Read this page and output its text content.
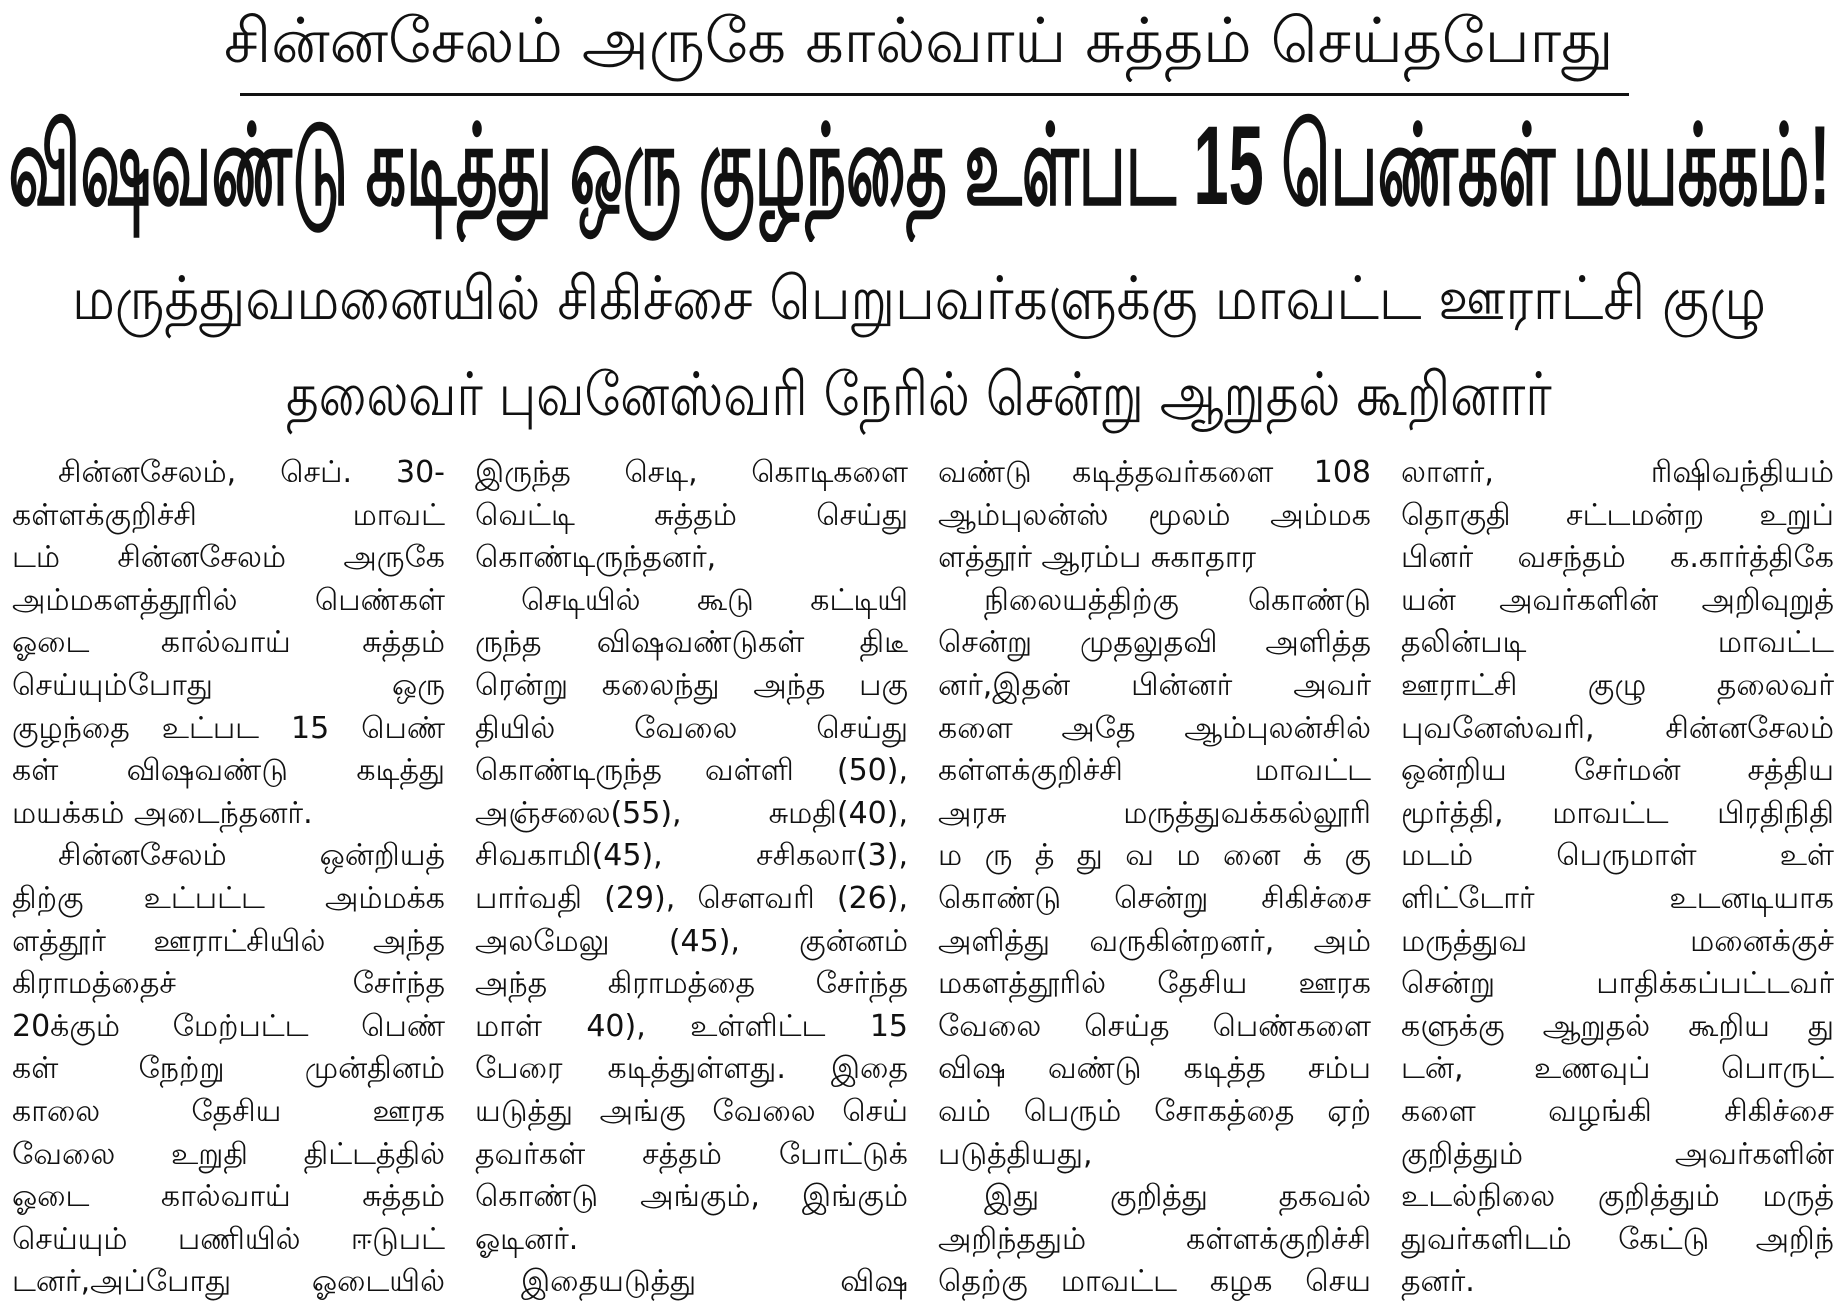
சின்னசேலம் அருகே கால்வாய் சுத்தம் செய்தபோது
விஷவண்டு கடித்து ஒரு குழந்தை உள்பட 15 பெண்கள் மயக்கம்!
மருத்துவமனையில் சிகிச்சை பெறுபவர்களுக்கு மாவட்ட ஊராட்சி குழு
தலைவர் புவனேஸ்வரி நேரில் சென்று ஆறுதல் கூறினார்
சின்னசேலம், செப். 30-
கள்ளக்குறிச்சி மாவட்
டம் சின்னசேலம் அருகே
அம்மகளத்தூரில் பெண்கள்
ஓடை கால்வாய் சுத்தம்
செய்யும்போது ஒரு
குழந்தை உட்பட 15 பெண்
கள் விஷவண்டு கடித்து
மயக்கம் அடைந்தனர்.
சின்னசேலம் ஒன்றியத்
திற்கு உட்பட்ட அம்மக்க
ளத்தூர் ஊராட்சியில் அந்த
கிராமத்தைச் சேர்ந்த
20க்கும் மேற்பட்ட பெண்
கள் நேற்று முன்தினம்
காலை தேசிய ஊரக
வேலை உறுதி திட்டத்தில்
ஓடை கால்வாய் சுத்தம்
செய்யும் பணியில் ஈடுபட்
டனர்,அப்போது ஓடையில்
இருந்த செடி, கொடிகளை
வெட்டி சுத்தம் செய்து
கொண்டிருந்தனர்,
செடியில் கூடு கட்டியி
ருந்த விஷவண்டுகள் திடீ
ரென்று கலைந்து அந்த பகு
தியில் வேலை செய்து
கொண்டிருந்த வள்ளி (50),
அஞ்சலை(55), சுமதி(40),
சிவகாமி(45), சசிகலா(3),
பார்வதி (29), சௌவரி (26),
அலமேலு (45), குன்னம்
அந்த கிராமத்தை சேர்ந்த
மாள் 40), உள்ளிட்ட 15
பேரை கடித்துள்ளது. இதை
யடுத்து அங்கு வேலை செய்
தவர்கள் சத்தம் போட்டுக்
கொண்டு அங்கும், இங்கும்
ஓடினர்.
இதையடுத்து விஷ
வண்டு கடித்தவர்களை 108
ஆம்புலன்ஸ் மூலம் அம்மக
ளத்தூர் ஆரம்ப சுகாதார
நிலையத்திற்கு கொண்டு
சென்று முதலுதவி அளித்த
னர்,இதன் பின்னர் அவர்
களை அதே ஆம்புலன்சில்
கள்ளக்குறிச்சி மாவட்ட
அரசு மருத்துவக்கல்லூரி
ம ரு த் து வ ம னை க் கு
கொண்டு சென்று சிகிச்சை
அளித்து வருகின்றனர், அம்
மகளத்தூரில் தேசிய ஊரக
வேலை செய்த பெண்களை
விஷ வண்டு கடித்த சம்ப
வம் பெரும் சோகத்தை ஏற்
படுத்தியது,
இது குறித்து தகவல்
அறிந்ததும் கள்ளக்குறிச்சி
தெற்கு மாவட்ட கழக செய
லாளர், ரிஷிவந்தியம்
தொகுதி சட்டமன்ற உறுப்
பினர் வசந்தம் க.கார்த்திகே
யன் அவர்களின் அறிவுறுத்
தலின்படி மாவட்ட
ஊராட்சி குழு தலைவர்
புவனேஸ்வரி, சின்னசேலம்
ஒன்றிய சேர்மன் சத்திய
மூர்த்தி, மாவட்ட பிரதிநிதி
மடம் பெருமாள் உள்
ளிட்டோர் உடனடியாக
மருத்துவ மனைக்குச்
சென்று பாதிக்கப்பட்டவர்
களுக்கு ஆறுதல் கூறிய து
டன், உணவுப் பொருட்
களை வழங்கி சிகிச்சை
குறித்தும் அவர்களின்
உடல்நிலை குறித்தும் மருத்
துவர்களிடம் கேட்டு அறிந்
தனர்.
